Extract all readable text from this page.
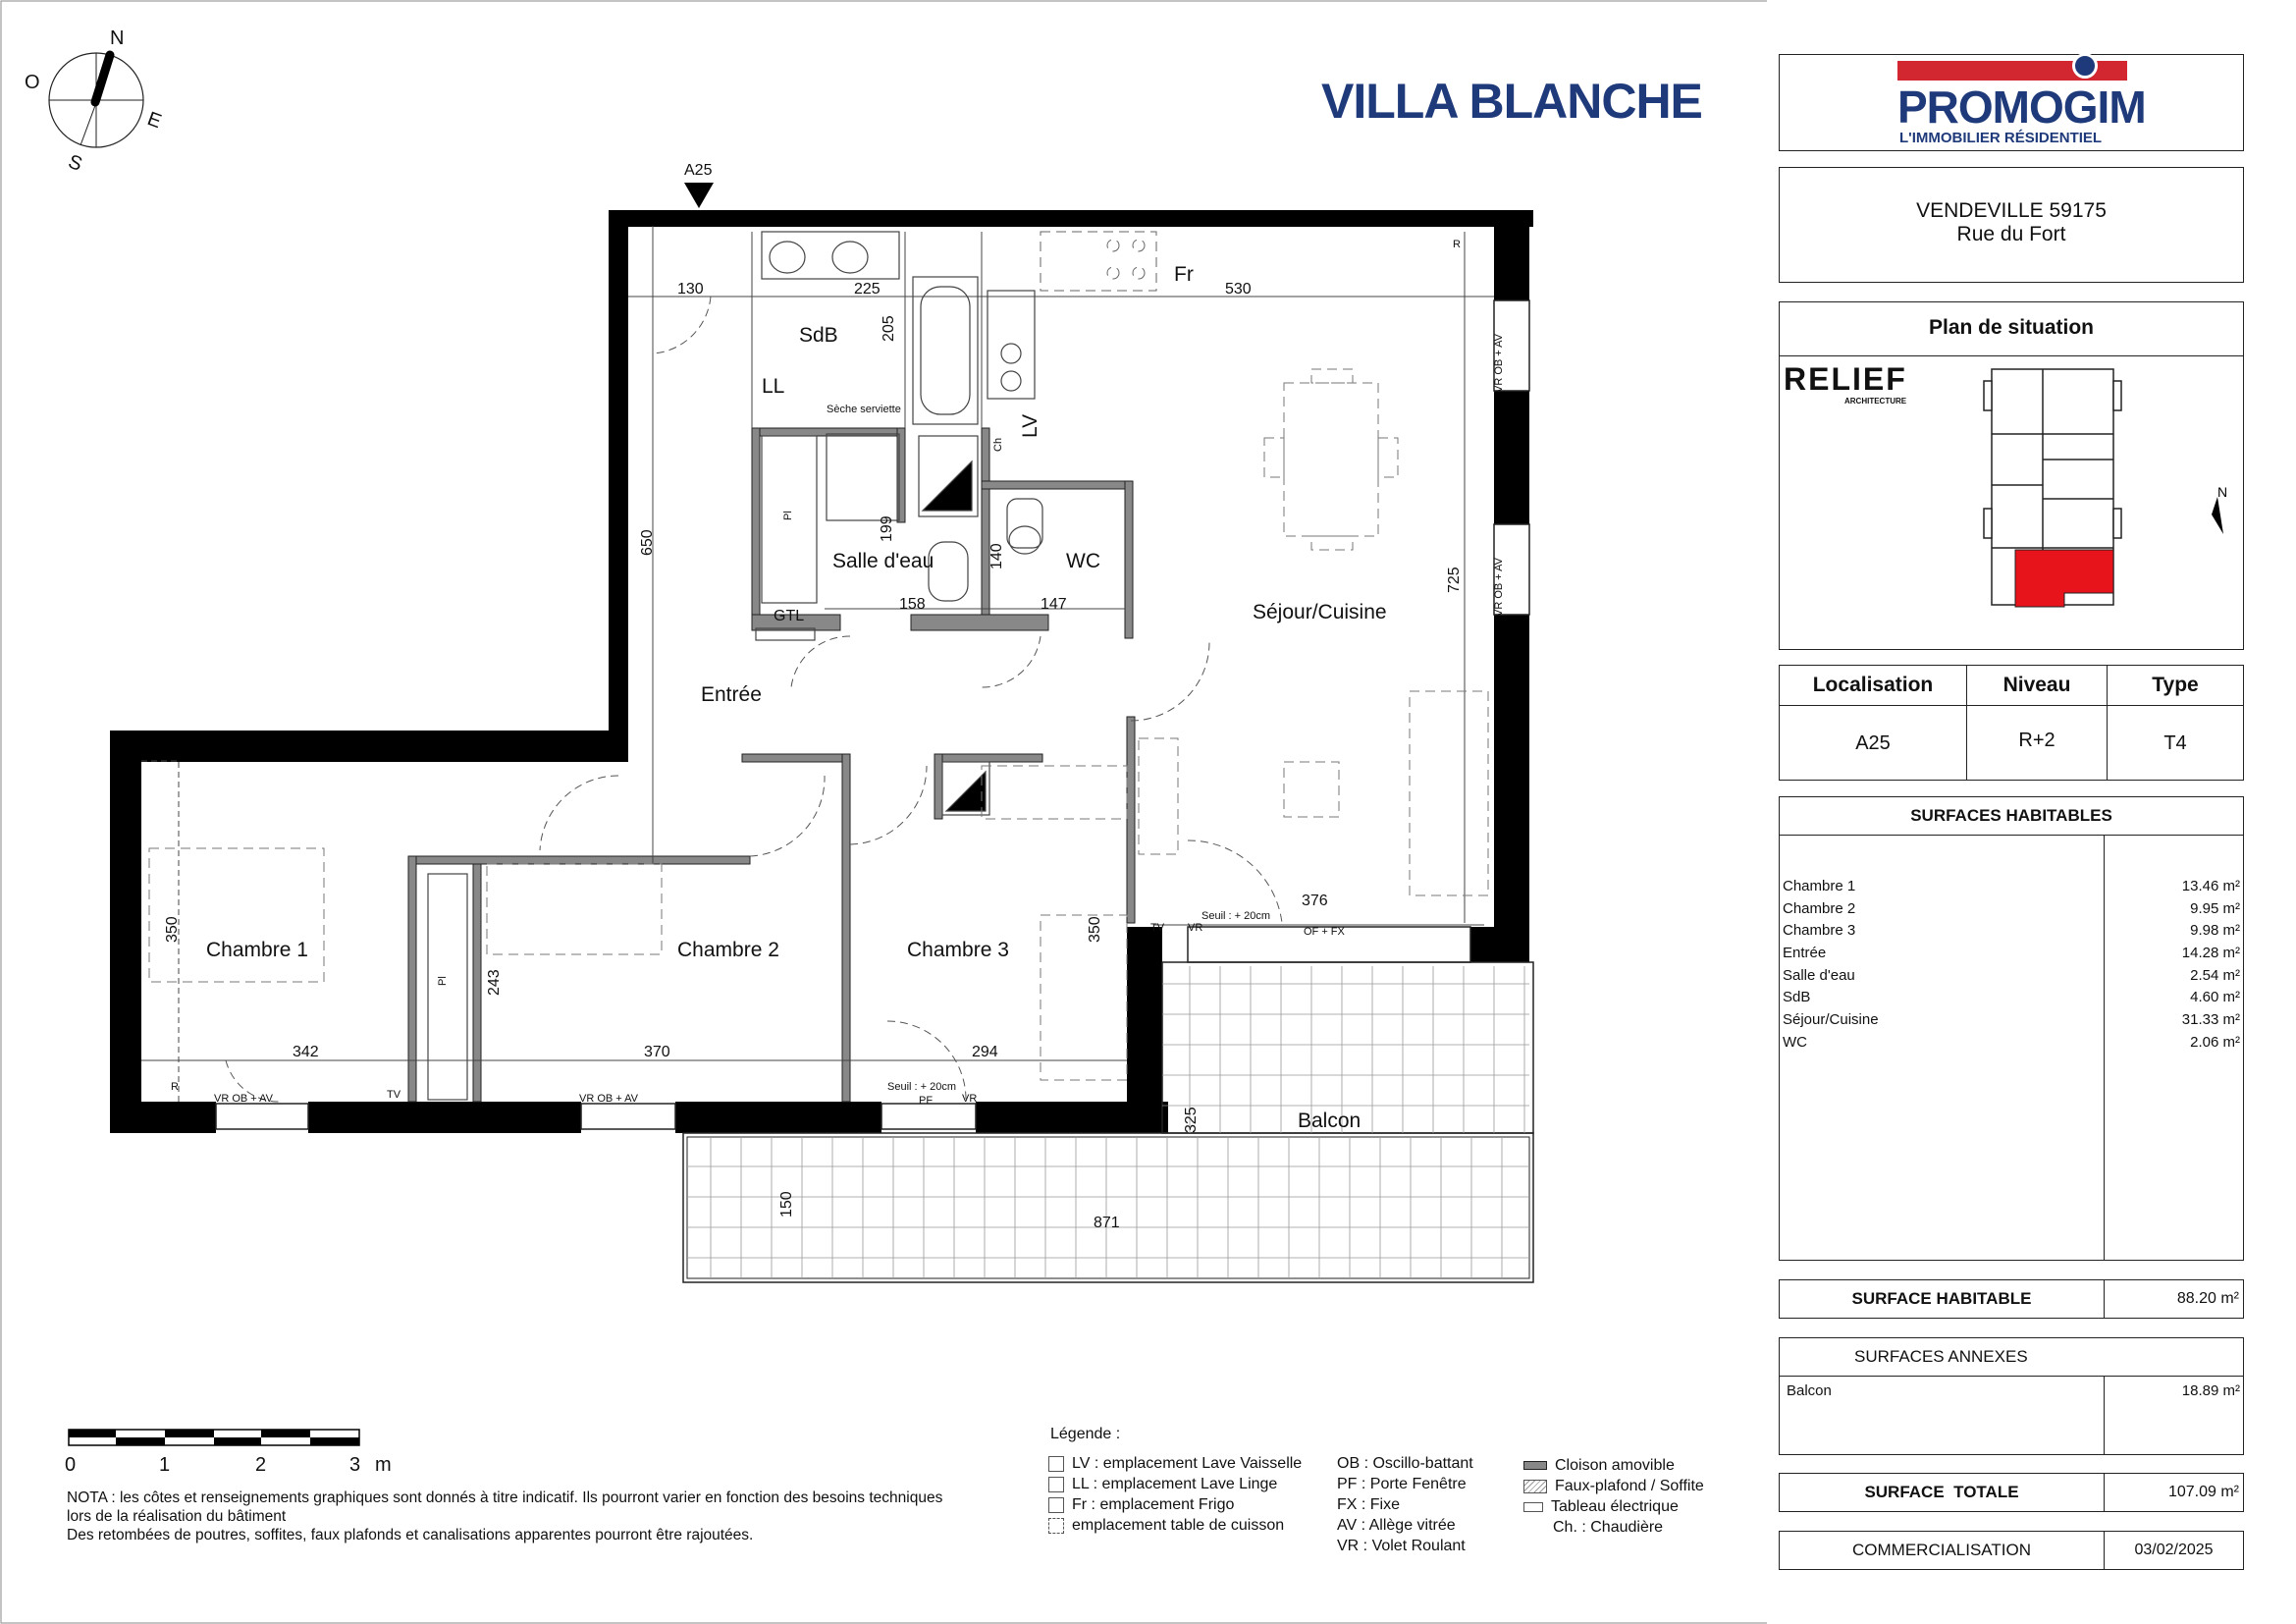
N
O
E
S	A25
SdB
LL
LV
Fr
Ch
Salle d'eau	WC
Séjour/Cuisine
Entrée
Chambre 1	Chambre 2	Chambre 3
Balcon
GTL
Sèche serviette
Pl
Pl
130	225	530
205
650
199
140
158	147
725
376
350	350
243
342	370	294
325
150
871
VR OB + AV	VR OB + AV
VR OB + AV
VR OB + AV
OF + FX
VR
VR
PF
Seuil : + 20cm
Seuil : + 20cm
TV
TV
R
R
0	1	2	3 m
VILLA BLANCHE	PROMOGIM
L'IMMOBILIER RÉSIDENTIEL
VENDEVILLE 59175
Rue du Fort
Plan de situation
RELIEF
ARCHITECTURE
N
Localisation	Niveau	Type
A25	R+2	T4
SURFACES HABITABLES
Chambre 1	13.46 m²
Chambre 2	9.95 m²
Chambre 3	9.98 m²
Entrée	14.28 m²
Salle d'eau	2.54 m²
SdB	4.60 m²
Séjour/Cuisine	31.33 m²
WC	2.06 m²
SURFACE HABITABLE	88.20 m²
SURFACES ANNEXES
Balcon	18.89 m²
SURFACE  TOTALE	107.09 m²
COMMERCIALISATION	03/02/2025
NOTA : les côtes et renseignements graphiques sont donnés à titre indicatif. Ils pourront varier en fonction des besoins techniques
lors de la réalisation du bâtiment
Des retombées de poutres, soffites, faux plafonds et canalisations apparentes pourront être rajoutées.
Légende :
LV : emplacement Lave Vaisselle
LL : emplacement Lave Linge
Fr : emplacement Frigo
emplacement table de cuisson
OB : Oscillo-battant
PF : Porte Fenêtre
FX : Fixe
AV : Allège vitrée
VR : Volet Roulant
Cloison amovible
Faux-plafond / Soffite
Tableau électrique
Ch. : Chaudière
